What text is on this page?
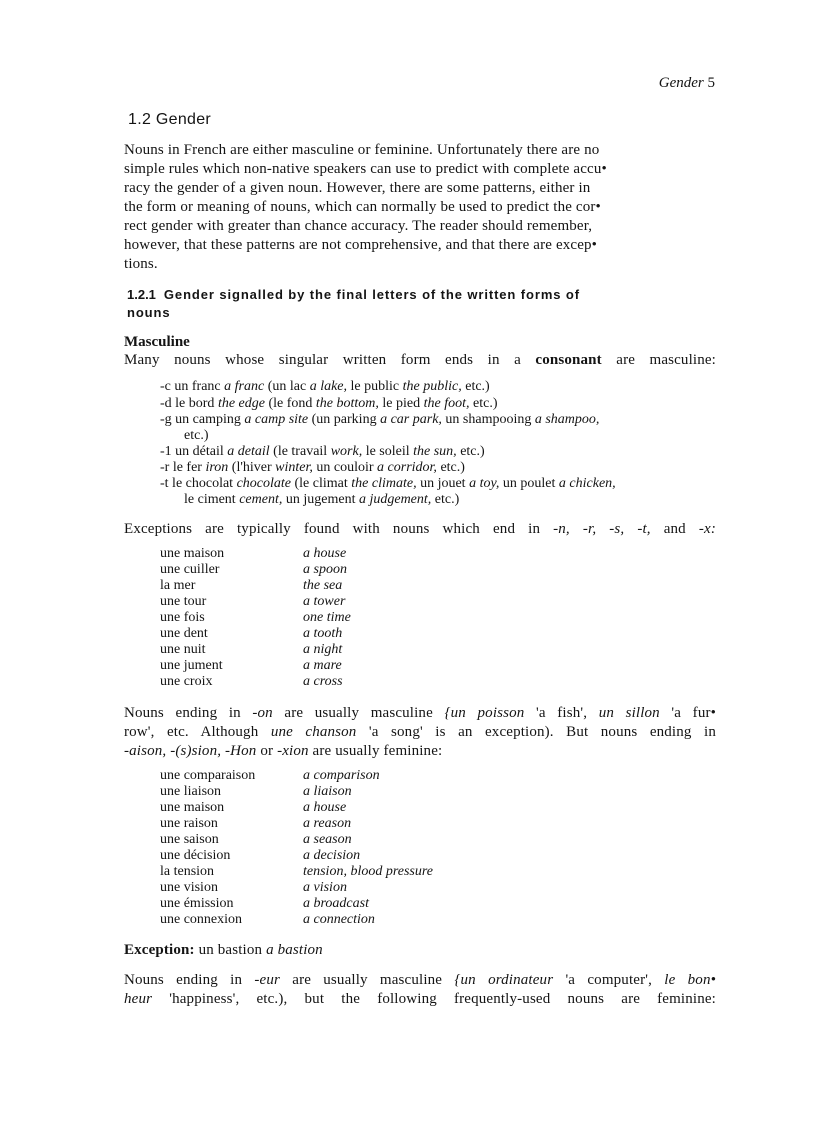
Gender 5
1.2 Gender

Nouns in French are either masculine or feminine. Unfortunately there are no
simple rules which non-native speakers can use to predict with complete accu•
racy the gender of a given noun. However, there are some patterns, either in
the form or meaning of nouns, which can normally be used to predict the cor•
rect gender with greater than chance accuracy. The reader should remember,
however, that these patterns are not comprehensive, and that there are excep•
tions.

1.2.1 Gender signalled by the final letters of the written forms of
nouns
Masculine

Many nouns whose singular written form ends in a consonant are masculine:

-c un franc a franc (un lac a lake, le public the public, etc.)
-d le bord the edge (le fond the bottom, le pied the foot, etc.)
-g un camping a camp site (un parking a car park, un shampooing a shampoo,
etc.)
-1 un détail a detail (le travail work, le soleil the sun, etc.)
-r le fer iron (l'hiver winter, un couloir a corridor, etc.)
-t le chocolat chocolate (le climat the climate, un jouet a toy, un poulet a chicken,
le ciment cement, un jugement a judgement, etc.)

Exceptions are typically found with nouns which end in -n, -r, -s, -t, and -x:

une maison	a house
une cuiller	a spoon
la mer	the sea
une tour	a tower
une fois	one time
une dent	a tooth
une nuit	a night
une jument	a mare
une croix	a cross

Nouns ending in -on are usually masculine {un poisson 'a fish', un sillon 'a fur•
row', etc. Although une chanson 'a song' is an exception). But nouns ending in
-aison, -(s)sion, -Hon or -xion are usually feminine:

une comparaison	a comparison
une liaison	a liaison
une maison	a house
une raison	a reason
une saison	a season
une décision	a decision
la tension	tension, blood pressure
une vision	a vision
une émission	a broadcast
une connexion	a connection

Exception: un bastion a bastion

Nouns ending in -eur are usually masculine {un ordinateur 'a computer', le bon•
heur 'happiness', etc.), but the following frequently-used nouns are feminine:
